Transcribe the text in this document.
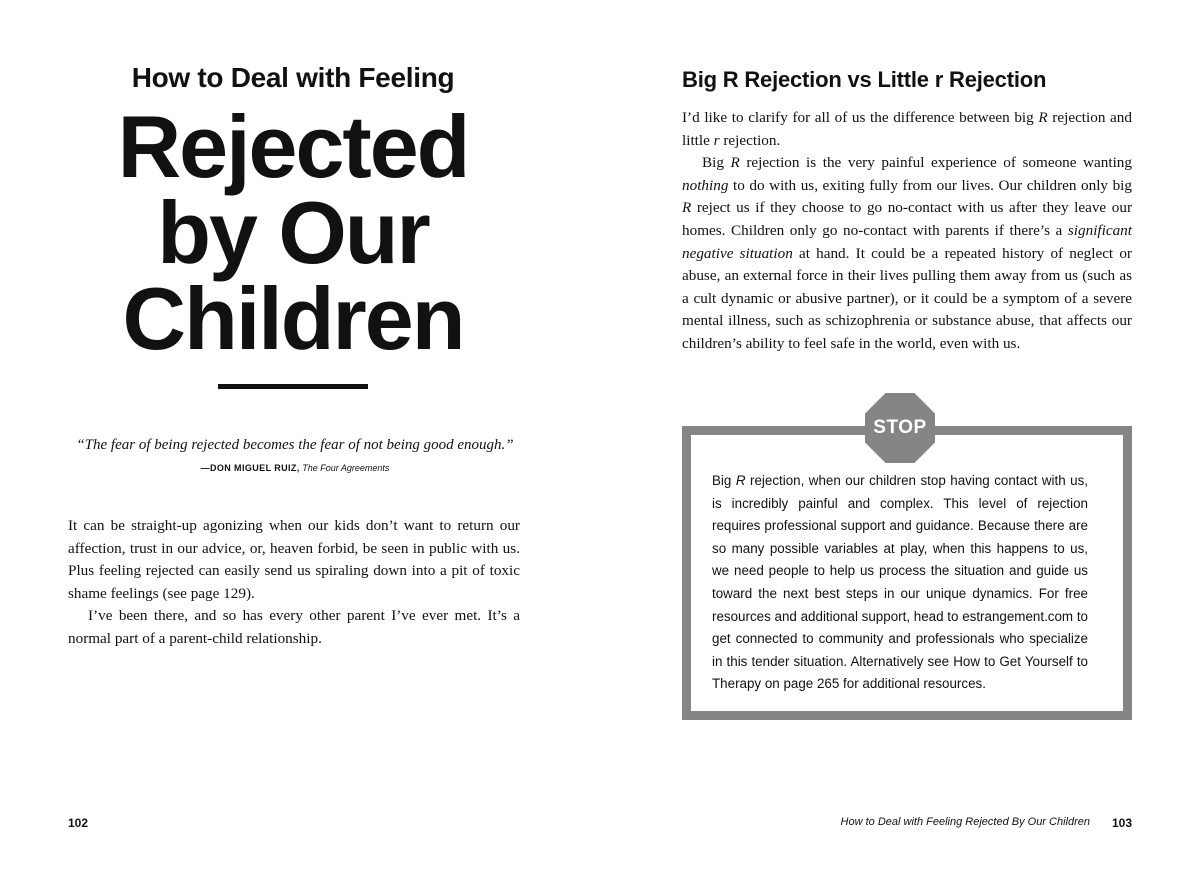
How to Deal with Feeling
Rejected
by Our
Children
“The fear of being rejected becomes the fear of not being good enough.”
—DON MIGUEL RUIZ, The Four Agreements

It can be straight-up agonizing when our kids don’t want to return our affection, trust in our advice, or, heaven forbid, be seen in public with us. Plus feeling rejected can easily send us spiraling down into a pit of toxic shame feelings (see page 129).

I’ve been there, and so has every other parent I’ve ever met. It’s a normal part of a parent-child relationship.

102
Big R Rejection vs Little r Rejection

I’d like to clarify for all of us the difference between big R rejection and little r rejection.

Big R rejection is the very painful experience of someone wanting nothing to do with us, exiting fully from our lives. Our children only big R reject us if they choose to go no-contact with us after they leave our homes. Children only go no-contact with parents if there’s a significant negative situation at hand. It could be a repeated history of neglect or abuse, an external force in their lives pulling them away from us (such as a cult dynamic or abusive partner), or it could be a symptom of a severe mental illness, such as schizophrenia or substance abuse, that affects our children’s ability to feel safe in the world, even with us.

STOP
Big R rejection, when our children stop having contact with us, is incredibly painful and complex. This level of rejection requires professional support and guidance. Because there are so many possible variables at play, when this happens to us, we need people to help us process the situation and guide us toward the next best steps in our unique dynamics. For free resources and additional support, head to estrangement.com to get connected to community and professionals who specialize in this tender situation. Alternatively see How to Get Yourself to Therapy on page 265 for additional resources.
How to Deal with Feeling Rejected By Our Children 103
